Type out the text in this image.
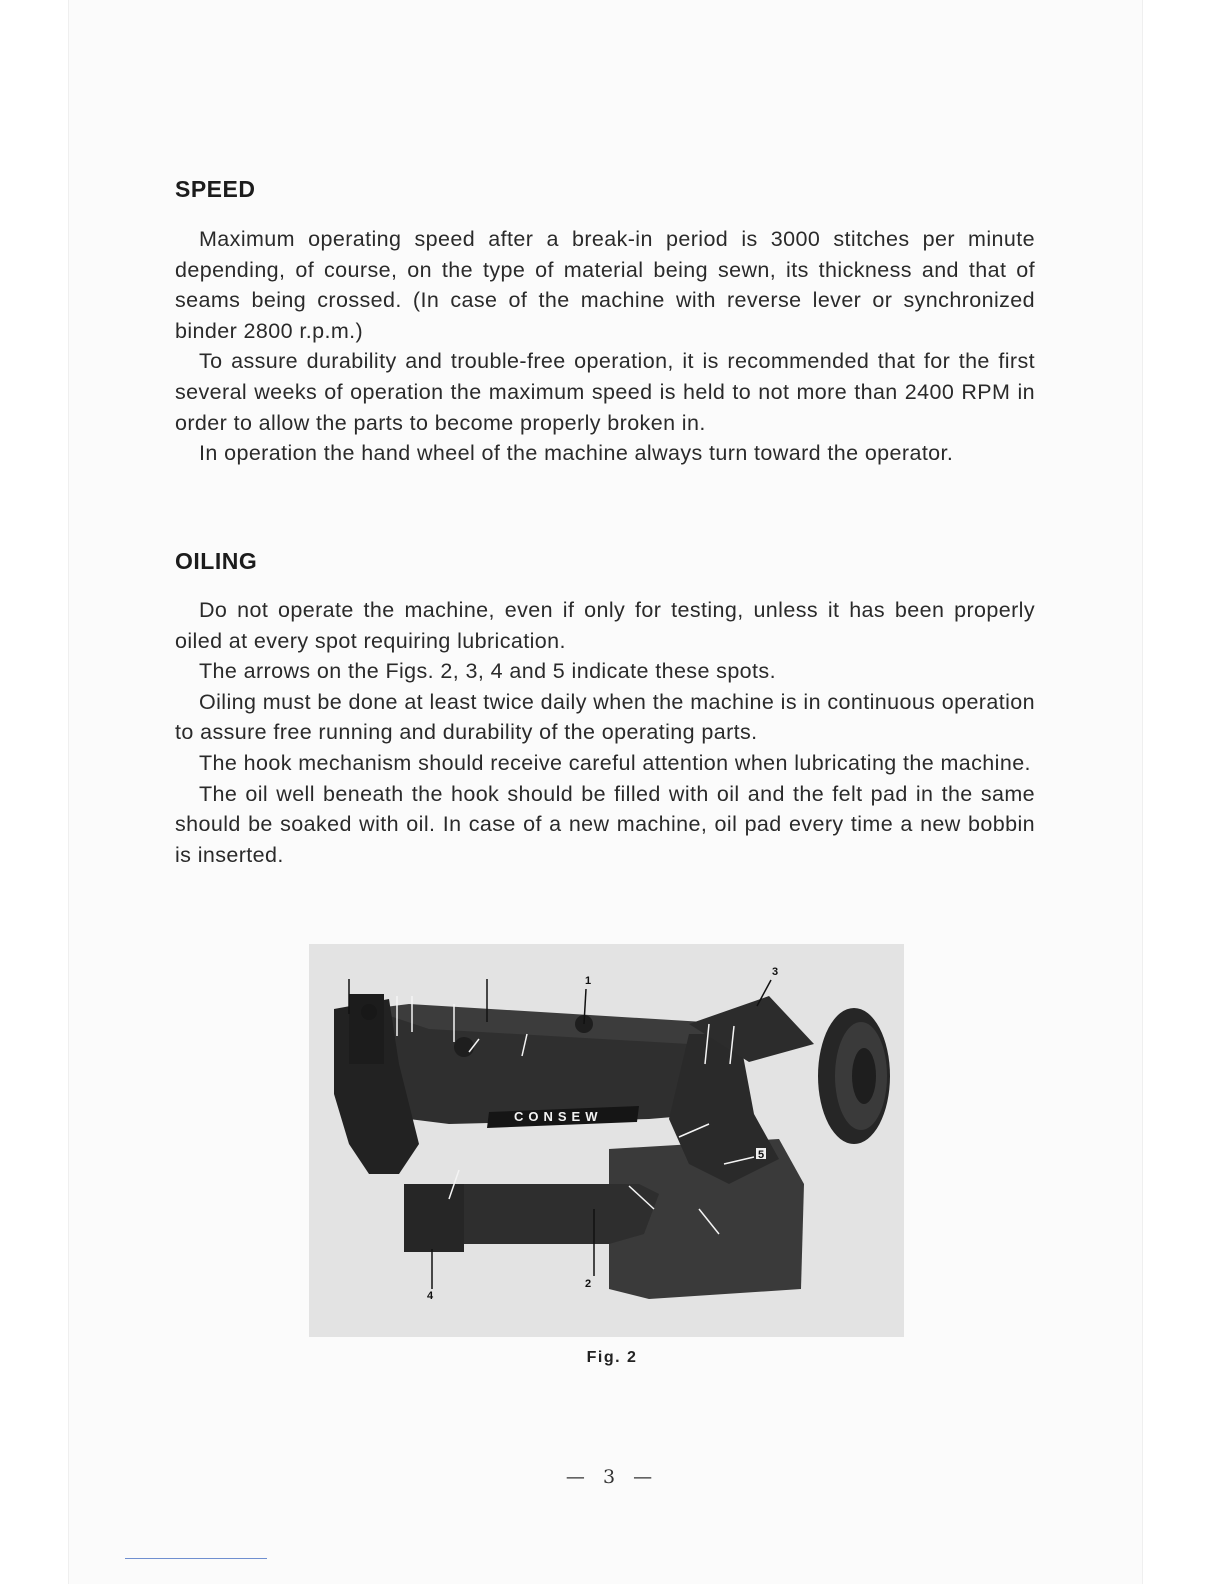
SPEED

Maximum operating speed after a break-in period is 3000 stitches per minute depending, of course, on the type of material being sewn, its thickness and that of seams being crossed. (In case of the machine with reverse lever or synchronized binder 2800 r.p.m.)

To assure durability and trouble-free operation, it is recommended that for the first several weeks of operation the maximum speed is held to not more than 2400 RPM in order to allow the parts to become properly broken in.

In operation the hand wheel of the machine always turn toward the operator.

OILING

Do not operate the machine, even if only for testing, unless it has been properly oiled at every spot requiring lubrication.

The arrows on the Figs. 2, 3, 4 and 5 indicate these spots.

Oiling must be done at least twice daily when the machine is in continuous operation to assure free running and durability of the operating parts.

The hook mechanism should receive careful attention when lubricating the machine.

The oil well beneath the hook should be filled with oil and the felt pad in the same should be soaked with oil. In case of a new machine, oil pad every time a new bobbin is inserted.

CONSEW
1
2
3
4
5
Fig. 2
— 3 —
